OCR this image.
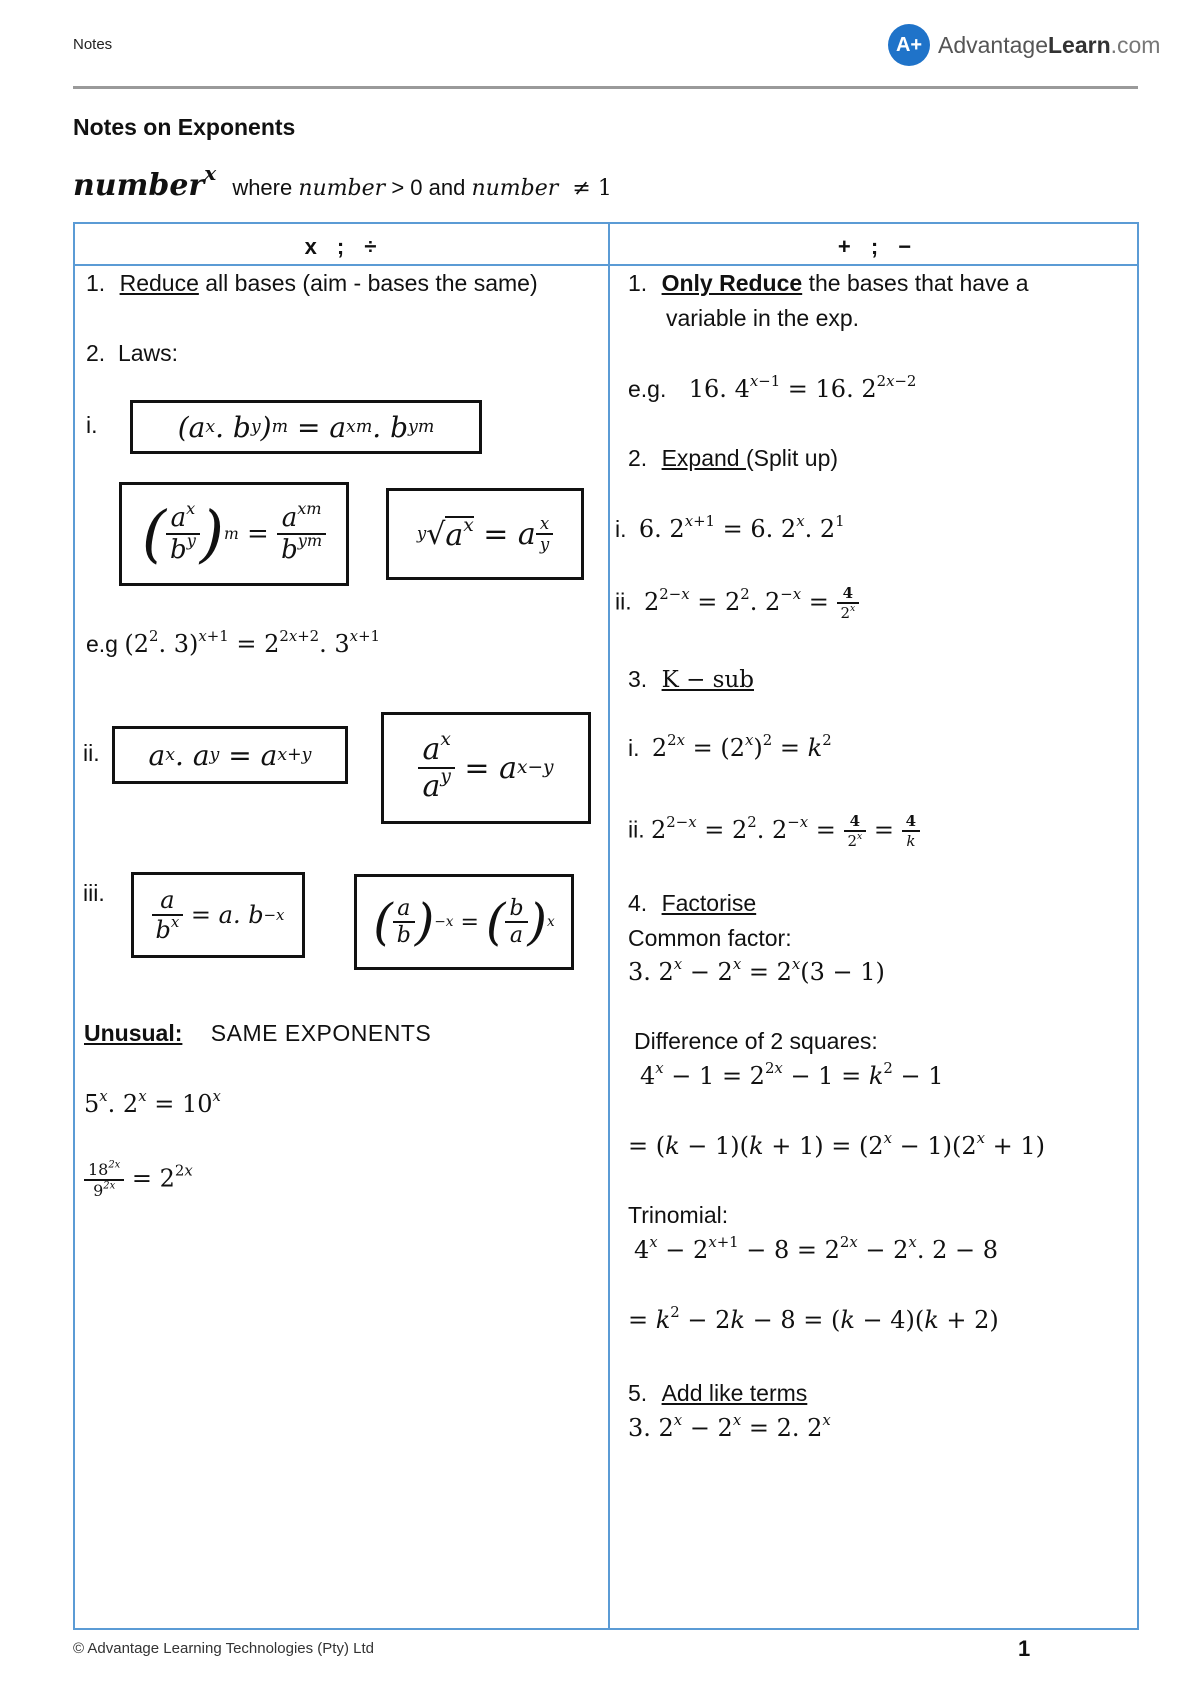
Notes	A+ Advantage Learn .com
Notes on Exponents
number$^x$ where number > 0 and number ≠ 1
x ; ÷	+ ; −
1. Reduce all bases (aim - bases the same)
2.  Laws:
i.	(a x . b y ) m = a xm . b ym
( $a^x$
$b^y$ ) m =
$a^{xm}$
$b^{ym}$	y √ $a^x = a$ x
y
e.g ($2^2$. $3)^{x+1} = 2^{2x+2}$. $3^{x+1}$
ii.	a x . a y = a x+y	$a^x$
$a^y = a$ x−y
iii.	a
$b^x = a$. b −x ( a
b ) −x = ( b
a ) x
Unusual: SAME EXPONENTS
5$^x$. $2^x = 10^x$
$\frac{18^{2x}}{9^{2x}} = 2^{2x}$
1. Only Reduce the bases that have a
variable in the exp.
e.g. 16. $4^{x-1} = 16$. $2^{2x-2}$
2. Expand (Split up)
i. 6. $2^{x+1} = 6$. 2$^x$. $2^1$
ii. $2^{2-x} = 2^2$. $2^{-x} = \frac{4}{2^x}$
3. K − sub
i. $2^{2x} = (2^x)^2 = k^2$
ii. $2^{2-x} = 2^2$. $2^{-x} = \frac{4}{2^x} = \frac{4}{k}$
4. Factorise
Common factor:
3. $2^x - 2^x = 2^x(3 - 1)$
Difference of 2 squares:
$4^x - 1 = 2^{2x} - 1 = k^2 - 1$
= $(k - 1)(k + 1) = (2^x - 1)(2^x + 1)$
Trinomial:
$4^x - 2^{x+1} - 8 = 2^{2x} - 2^x$. 2 − 8
= $k^2 - 2k - 8 = (k - 4)(k + 2)$
5. Add like terms
3. $2^x - 2^x = 2$. 2$^x$
© Advantage Learning Technologies (Pty) Ltd	1
